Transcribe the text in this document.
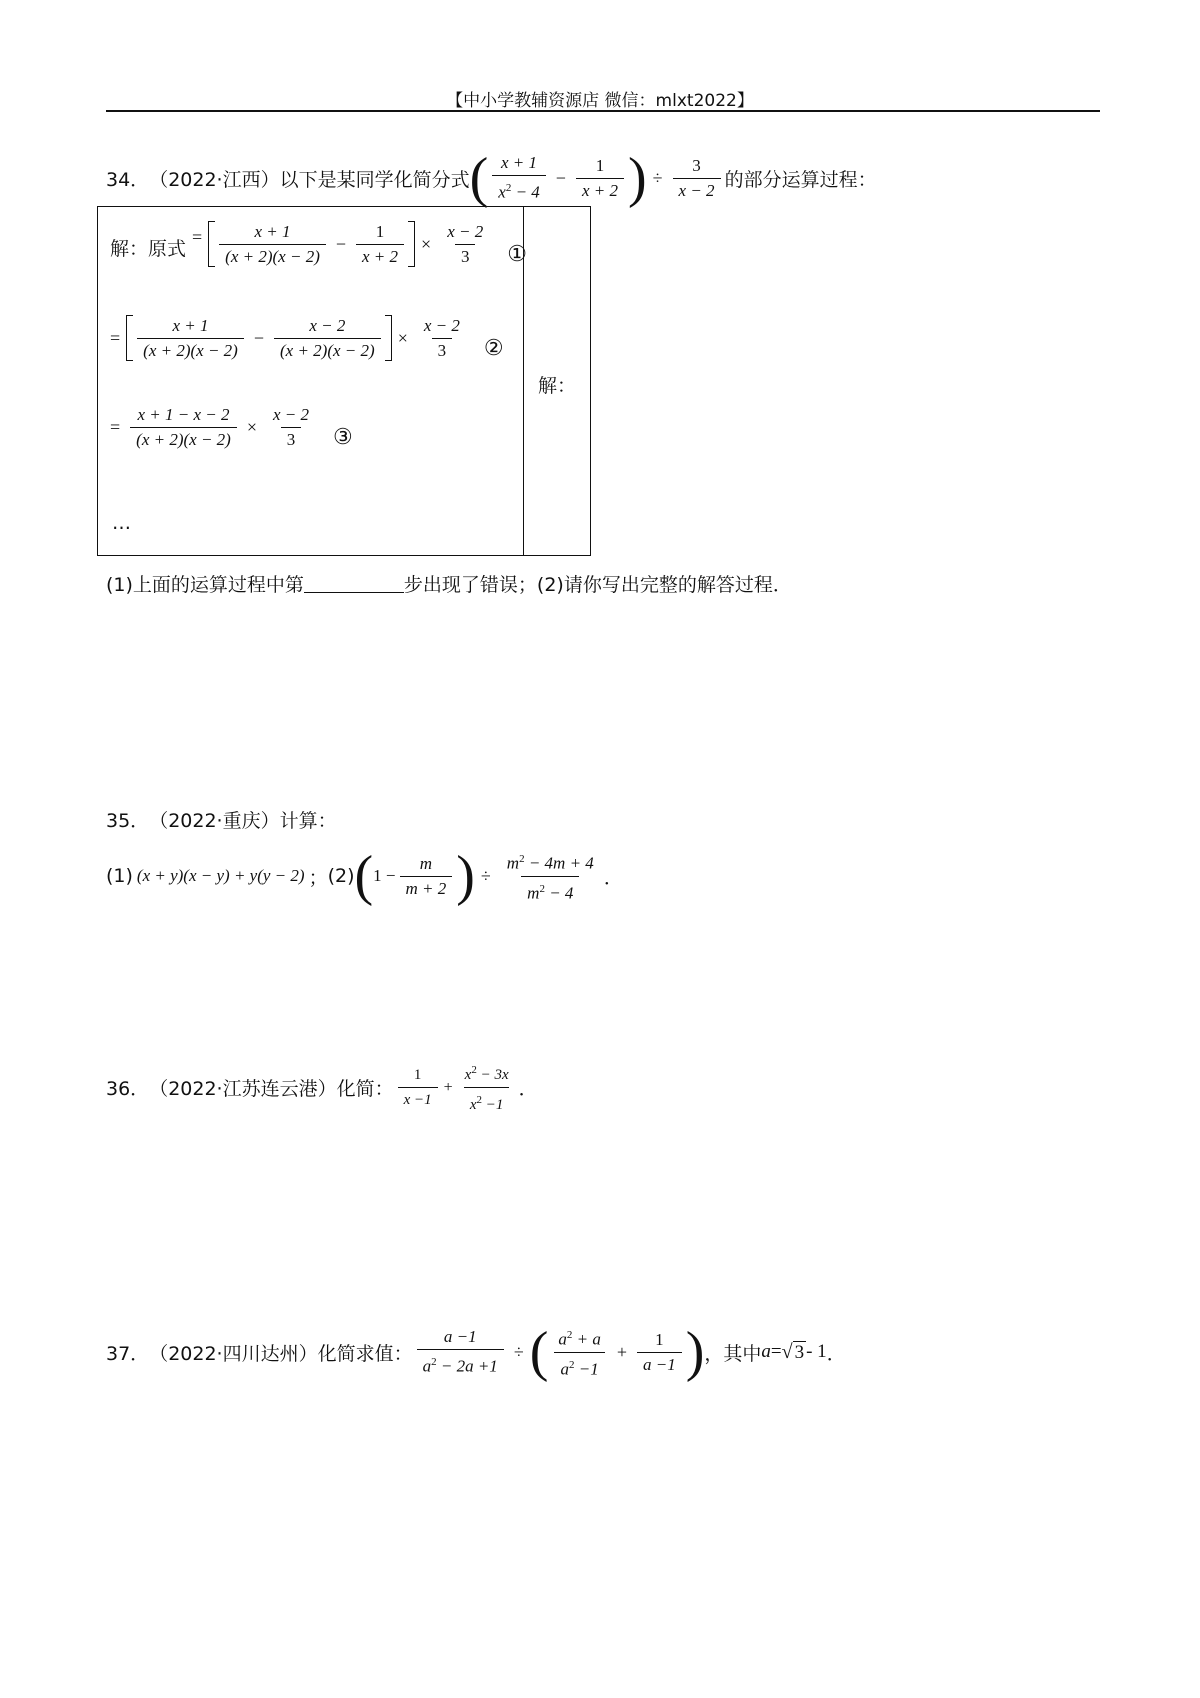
【中小学教辅资源店 微信：mlxt2022】
34． （2022·江西） 以下是某同学化简分式 ( $\frac{x + 1}{x^2 - 4} - \frac{1}{x + 2}$ ) ÷ $\frac{3}{x - 2}$ 的部分运算过程：
解：原式
= $\frac{x + 1}{(x + 2)(x - 2)} - \frac{1}{x + 2} \times \frac{x - 2}{3}$ ①
= $\frac{x + 1}{(x + 2)(x - 2)} - \frac{x - 2}{(x + 2)(x - 2)} \times \frac{x - 2}{3}$ ②
= $\frac{x + 1 - x - 2}{(x + 2)(x - 2)} \times \frac{x - 2}{3}$ ③
…
解：
(1)上面的运算过程中第	步出现了错误；(2)请你写出完整的解答过程．
35． （2022·重庆） 计算：
(1) (x + y)(x − y) + y(y − 2) ； (2) ( $1 - \frac{m}{m + 2}$ ) ÷ $\frac{m^2 - 4m + 4}{m^2 - 4}$ ．
36． （2022·江苏连云港） 化简： $\frac{1}{x -1} + \frac{x^2 - 3x}{x^2 -1}$ ．
37． （2022·四川达州） 化简求值： $\frac{a -1}{a^2 - 2a +1}$ ÷ ( $\frac{a^2 + a}{a^2 -1} + \frac{1}{a -1}$ ) ，其中 a = √ 3 - 1 ．
